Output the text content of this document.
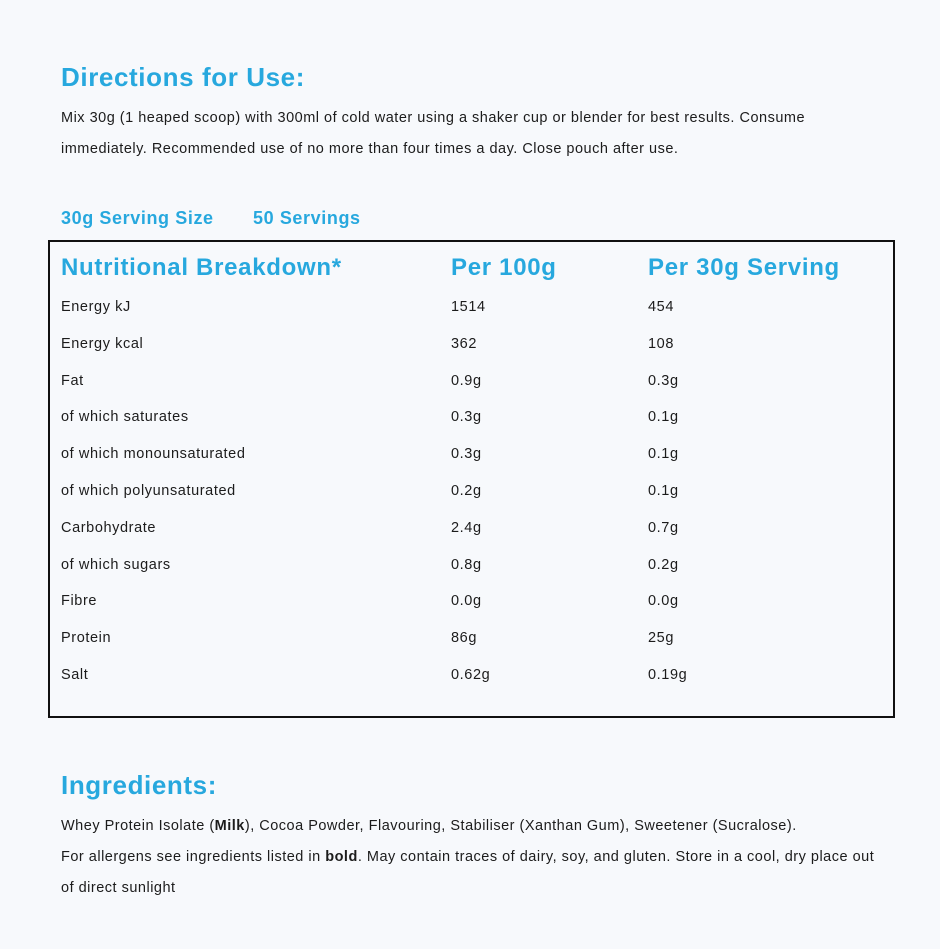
Directions for Use:

Mix 30g (1 heaped scoop) with 300ml of cold water using a shaker cup or blender for best results. Consume
immediately. Recommended use of no more than four times a day. Close pouch after use.

30g Serving Size 50 Servings
Nutritional Breakdown*	Per 100g	Per 30g Serving
Energy kJ	1514	454
Energy kcal	362	108
Fat	0.9g	0.3g
of which saturates	0.3g	0.1g
of which monounsaturated	0.3g	0.1g
of which polyunsaturated	0.2g	0.1g
Carbohydrate	2.4g	0.7g
of which sugars	0.8g	0.2g
Fibre	0.0g	0.0g
Protein	86g	25g
Salt	0.62g	0.19g
Ingredients:

Whey Protein Isolate (Milk), Cocoa Powder, Flavouring, Stabiliser (Xanthan Gum), Sweetener (Sucralose).
For allergens see ingredients listed in bold. May contain traces of dairy, soy, and gluten. Store in a cool, dry place out
of direct sunlight
